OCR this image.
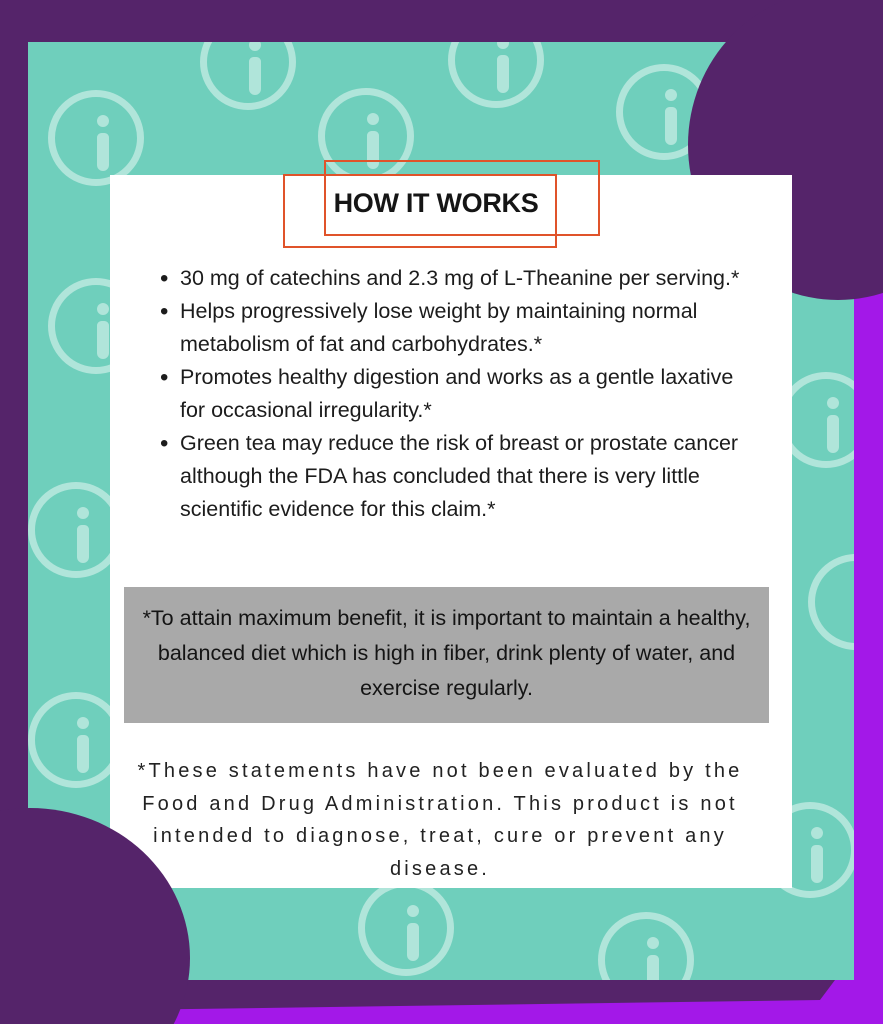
HOW IT WORKS
• 30 mg of catechins and 2.3 mg of L-Theanine per serving.*
• Helps progressively lose weight by maintaining normal metabolism of fat and carbohydrates.*
• Promotes healthy digestion and works as a gentle laxative for occasional irregularity.*
• Green tea may reduce the risk of breast or prostate cancer although the FDA has concluded that there is very little scientific evidence for this claim.*
*To attain maximum benefit, it is important to maintain a healthy, balanced diet which is high in fiber, drink plenty of water, and exercise regularly.
*These statements have not been evaluated by the Food and Drug Administration. This product is not intended to diagnose, treat, cure or prevent any disease.
